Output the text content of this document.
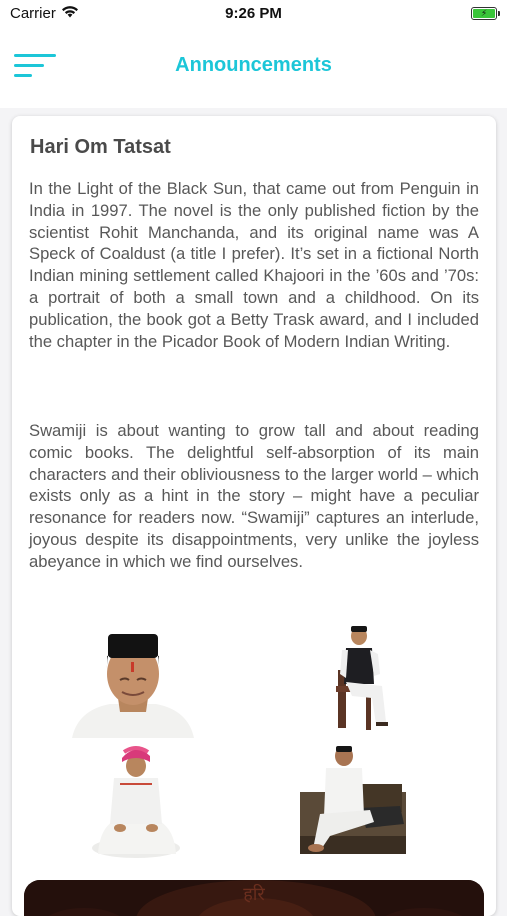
Carrier	9:26 PM	⚡
Announcements
Hari Om Tatsat

In the Light of the Black Sun, that came out from Penguin in India in 1997. The novel is the only published fiction by the scientist Rohit Manchanda, and its original name was A Speck of Coaldust (a title I prefer). It’s set in a fictional North Indian mining settlement called Khajoori in the ’60s and ’70s: a portrait of both a small town and a childhood. On its publication, the book got a Betty Trask award, and I included the chapter in the Picador Book of Modern Indian Writing.

Swamiji is about wanting to grow tall and about reading comic books. The delightful self-absorption of its main characters and their obliviousness to the larger world – which exists only as a hint in the story – might have a peculiar resonance for readers now. “Swamiji” captures an interlude, joyous despite its disappointments, very unlike the joyless abeyance in which we find ourselves.

हरि
